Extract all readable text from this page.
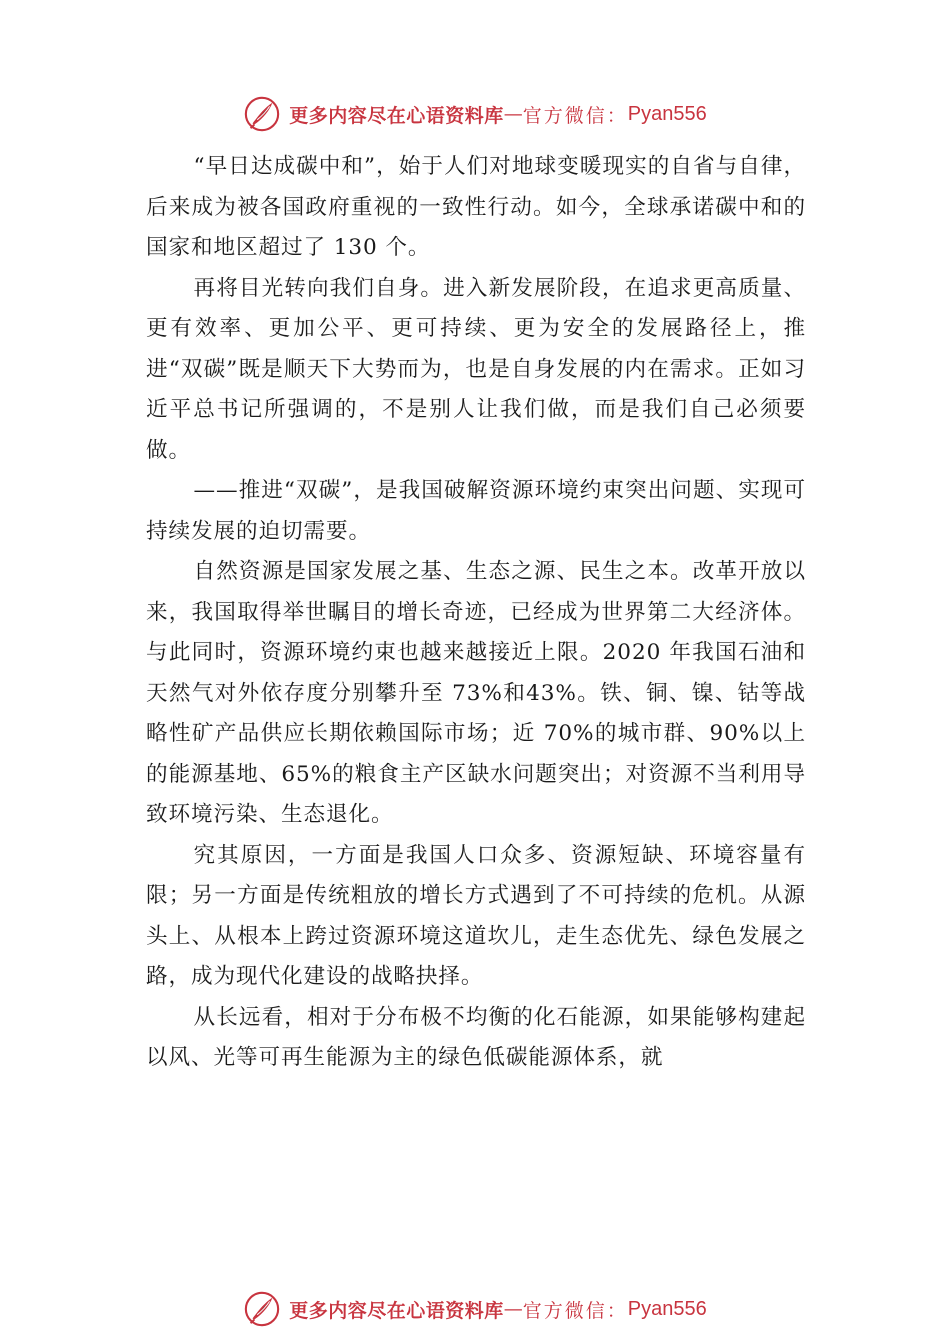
更多内容尽在心语资料库 — 官方微信： Pyan556

“早日达成碳中和”，始于人们对地球变暖现实的自省与自律，后来成为被各国政府重视的一致性行动。如今，全球承诺碳中和的国家和地区超过了 130 个。

再将目光转向我们自身。进入新发展阶段，在追求更高质量、更有效率、更加公平、更可持续、更为安全的发展路径上，推进“双碳”既是顺天下大势而为，也是自身发展的内在需求。正如习近平总书记所强调的，不是别人让我们做，而是我们自己必须要做。

——推进“双碳”，是我国破解资源环境约束突出问题、实现可持续发展的迫切需要。

自然资源是国家发展之基、生态之源、民生之本。改革开放以来，我国取得举世瞩目的增长奇迹，已经成为世界第二大经济体。与此同时，资源环境约束也越来越接近上限。2020 年我国石油和天然气对外依存度分别攀升至 73%和43%。铁、铜、镍、钴等战略性矿产品供应长期依赖国际市场；近 70%的城市群、90%以上的能源基地、65%的粮食主产区缺水问题突出；对资源不当利用导致环境污染、生态退化。

究其原因，一方面是我国人口众多、资源短缺、环境容量有限；另一方面是传统粗放的增长方式遇到了不可持续的危机。从源头上、从根本上跨过资源环境这道坎儿，走生态优先、绿色发展之路，成为现代化建设的战略抉择。

从长远看，相对于分布极不均衡的化石能源，如果能够构建起以风、光等可再生能源为主的绿色低碳能源体系，就

更多内容尽在心语资料库 — 官方微信： Pyan556
